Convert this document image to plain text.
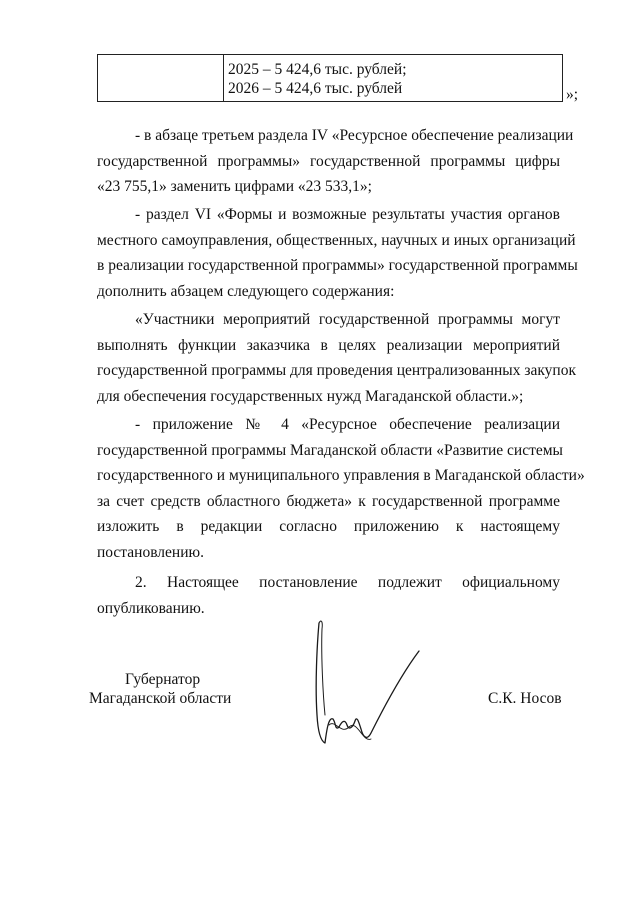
2025 – 5 424,6 тыс. рублей;
2026 – 5 424,6 тыс. рублей	»;
- в абзаце третьем раздела IV «Ресурсное обеспечение реализации
государственной программы» государственной программы цифры
«23 755,1» заменить цифрами «23 533,1»;
- раздел VI «Формы и возможные результаты участия органов
местного самоуправления, общественных, научных и иных организаций
в реализации государственной программы» государственной программы
дополнить абзацем следующего содержания:
«Участники мероприятий государственной программы могут
выполнять функции заказчика в целях реализации мероприятий
государственной программы для проведения централизованных закупок
для обеспечения государственных нужд Магаданской области.»;
- приложение № 4 «Ресурсное обеспечение реализации
государственной программы Магаданской области «Развитие системы
государственного и муниципального управления в Магаданской области»
за счет средств областного бюджета» к государственной программе
изложить в редакции согласно приложению к настоящему
постановлению.
2. Настоящее постановление подлежит официальному
опубликованию.
Губернатор
Магаданской области	С.К. Носов
